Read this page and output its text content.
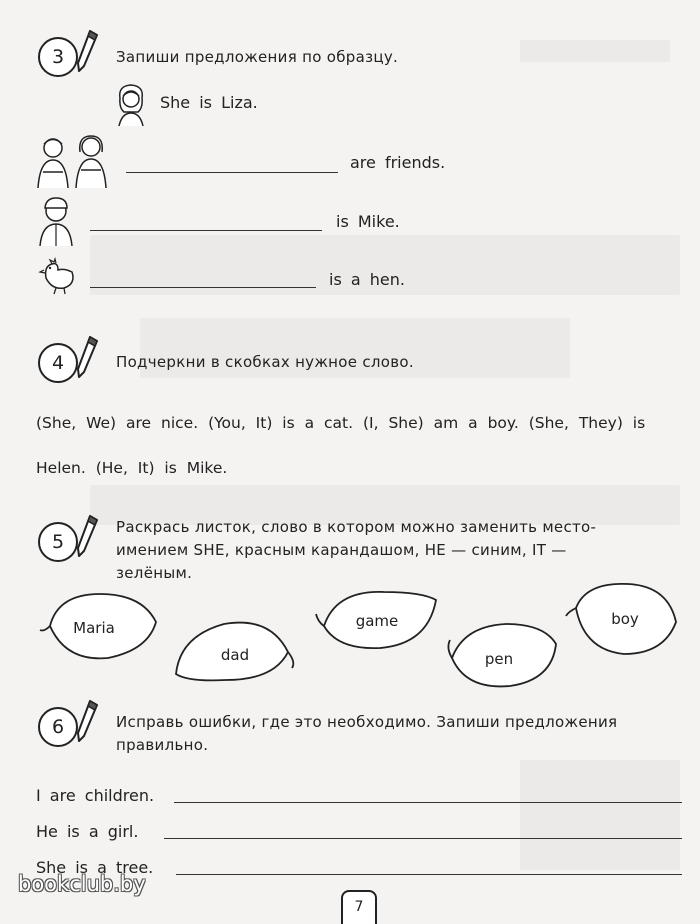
3	Запиши предложения по образцу.
She is Liza.
are friends.
is Mike.
is a hen.
4	Подчеркни в скобках нужное слово.
(She, We) are nice. (You, It) is a cat. (I, She) am a boy. (She, They) is
Helen. (He, It) is Mike.
5
Раскрась листок, слово в котором можно заменить место-
имением SHE, красным карандашом, HE — синим, IT —
зелёным.
Maria
dad
game
pen
boy
6	Исправь ошибки, где это необходимо. Запиши предложения
правильно.
I are children.
He is a girl.
She is a tree.
7
bookclub.by
